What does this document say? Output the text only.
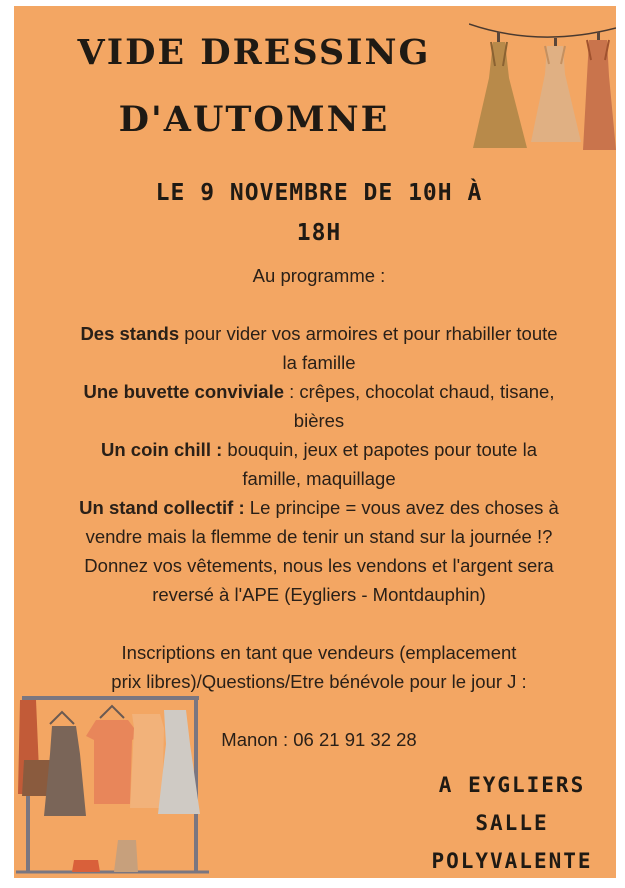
VIDE DRESSING
D'AUTOMNE
LE 9 NOVEMBRE DE 10H À
18H
Au programme :

Des stands pour vider vos armoires et pour rhabiller toute
la famille
Une buvette conviviale : crêpes, chocolat chaud, tisane,
bières
Un coin chill : bouquin, jeux et papotes pour toute la
famille, maquillage
Un stand collectif : Le principe = vous avez des choses à
vendre mais la flemme de tenir un stand sur la journée !?
Donnez vos vêtements, nous les vendons et l'argent sera
reversé à l'APE (Eygliers - Montdauphin)

Inscriptions en tant que vendeurs (emplacement
prix libres)/Questions/Etre bénévole pour le jour J :

Manon : 06 21 91 32 28
A EYGLIERS
SALLE
POLYVALENTE
